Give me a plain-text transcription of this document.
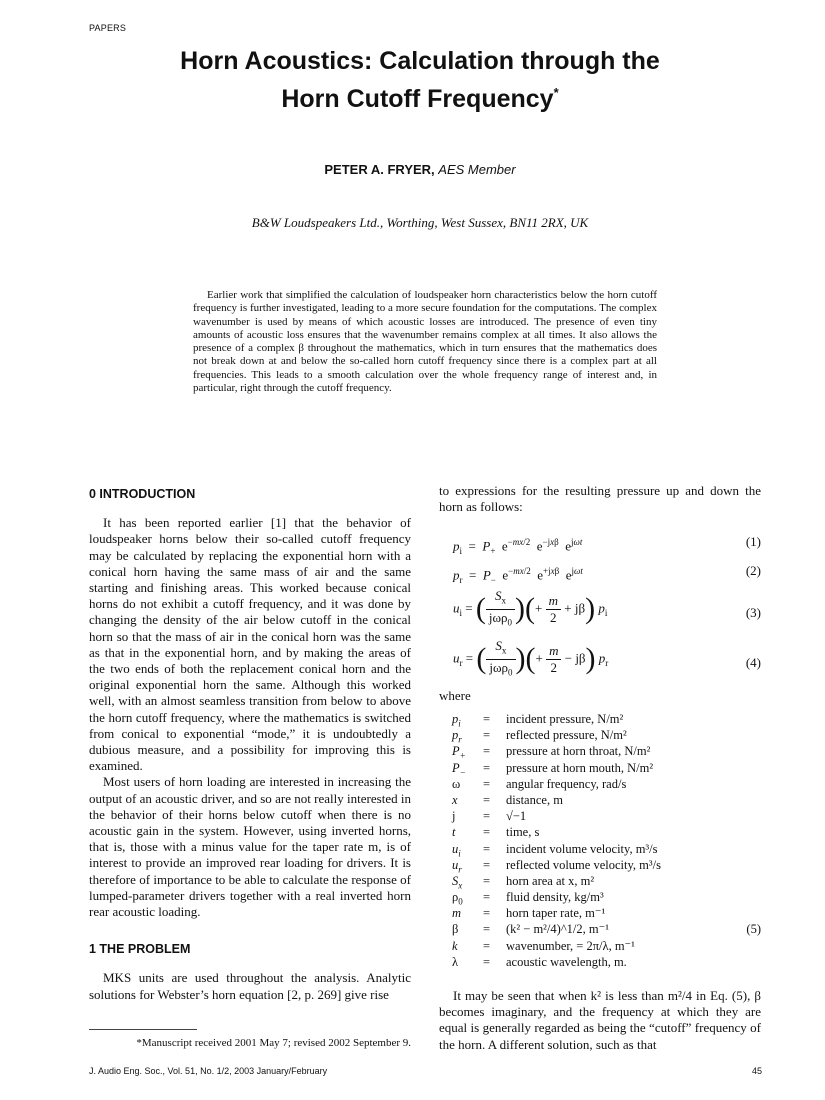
PAPERS
Horn Acoustics: Calculation through the
Horn Cutoff Frequency*
PETER A. FRYER, AES Member
B&W Loudspeakers Ltd., Worthing, West Sussex, BN11 2RX, UK
Earlier work that simplified the calculation of loudspeaker horn characteristics below the horn cutoff frequency is further investigated, leading to a more secure foundation for the computations. The complex wavenumber is used by means of which acoustic losses are introduced. The presence of even tiny amounts of acoustic loss ensures that the wavenumber remains complex at all times. It also allows the presence of a complex β throughout the mathematics, which in turn ensures that the mathematics does not break down at and below the so-called horn cutoff frequency since there is a complex part at all frequencies. This leads to a smooth calculation over the whole frequency range of interest and, in particular, right through the cutoff frequency.
0 INTRODUCTION

It has been reported earlier [1] that the behavior of loudspeaker horns below their so-called cutoff frequency may be calculated by replacing the exponential horn with a conical horn having the same mass of air and the same starting and finishing areas. This worked because conical horns do not exhibit a cutoff frequency, and it was done by changing the density of the air below cutoff in the conical horn so that the mass of air in the conical horn was the same as that in the exponential horn, and by making the areas of the two ends of both the replacement conical horn and the original exponential horn the same. Although this worked well, with an almost seamless transition from below to above the horn cutoff frequency, where the mathematics is switched from conical to exponential “mode,” it is undoubtedly a dubious measure, and a possibility for improving this is examined.

Most users of horn loading are interested in increasing the output of an acoustic driver, and so are not really interested in the behavior of their horns below cutoff when there is no acoustic gain in the system. However, using inverted horns, that is, those with a minus value for the taper rate m, is of interest to provide an improved rear loading for drivers. It is therefore of importance to be able to calculate the response of lumped-parameter drivers together with a real inverted horn rear acoustic loading.

1 THE PROBLEM

MKS units are used throughout the analysis. Analytic solutions for Webster’s horn equation [2, p. 269] give rise

*Manuscript received 2001 May 7; revised 2002 September 9.

to expressions for the resulting pressure up and down the horn as follows:

$p_i = P_+$  $e^{-mx/2}$  $e^{-jx\beta}$  $e^{j\omega t}$	(1)
$p_r = P_-$  $e^{-mx/2}$  $e^{+jx\beta}$  $e^{j\omega t}$	(2)
$u_i$ = ( $\frac{S_x}{j\omega\rho_0}$ )(+ $\frac{m}{2} + j\beta$) $p_i$	(3)
$u_r$ = ( $\frac{S_x}{j\omega\rho_0}$ )(+ $\frac{m}{2} - j\beta$) $p_r$	(4)
where
$p_i$ = incident pressure, N/m²
$p_r$ = reflected pressure, N/m²
$P_+$ = pressure at horn throat, N/m²
$P_-$ = pressure at horn mouth, N/m²
ω = angular frequency, rad/s
x = distance, m
j = √−1
t = time, s
$u_i$ = incident volume velocity, m³/s
$u_r$ = reflected volume velocity, m³/s
$S_x$ = horn area at x, m²
$\rho_0$ = fluid density, kg/m³
m = horn taper rate, m⁻¹
β = (k² − m²/4)^1/2, m⁻¹	(5)
k = wavenumber, = 2π/λ, m⁻¹
λ = acoustic wavelength, m.

It may be seen that when k² is less than m²/4 in Eq. (5), β becomes imaginary, and the frequency at which they are equal is generally regarded as being the “cutoff” frequency of the horn. A different solution, such as that

J. Audio Eng. Soc., Vol. 51, No. 1/2, 2003 January/February	45
